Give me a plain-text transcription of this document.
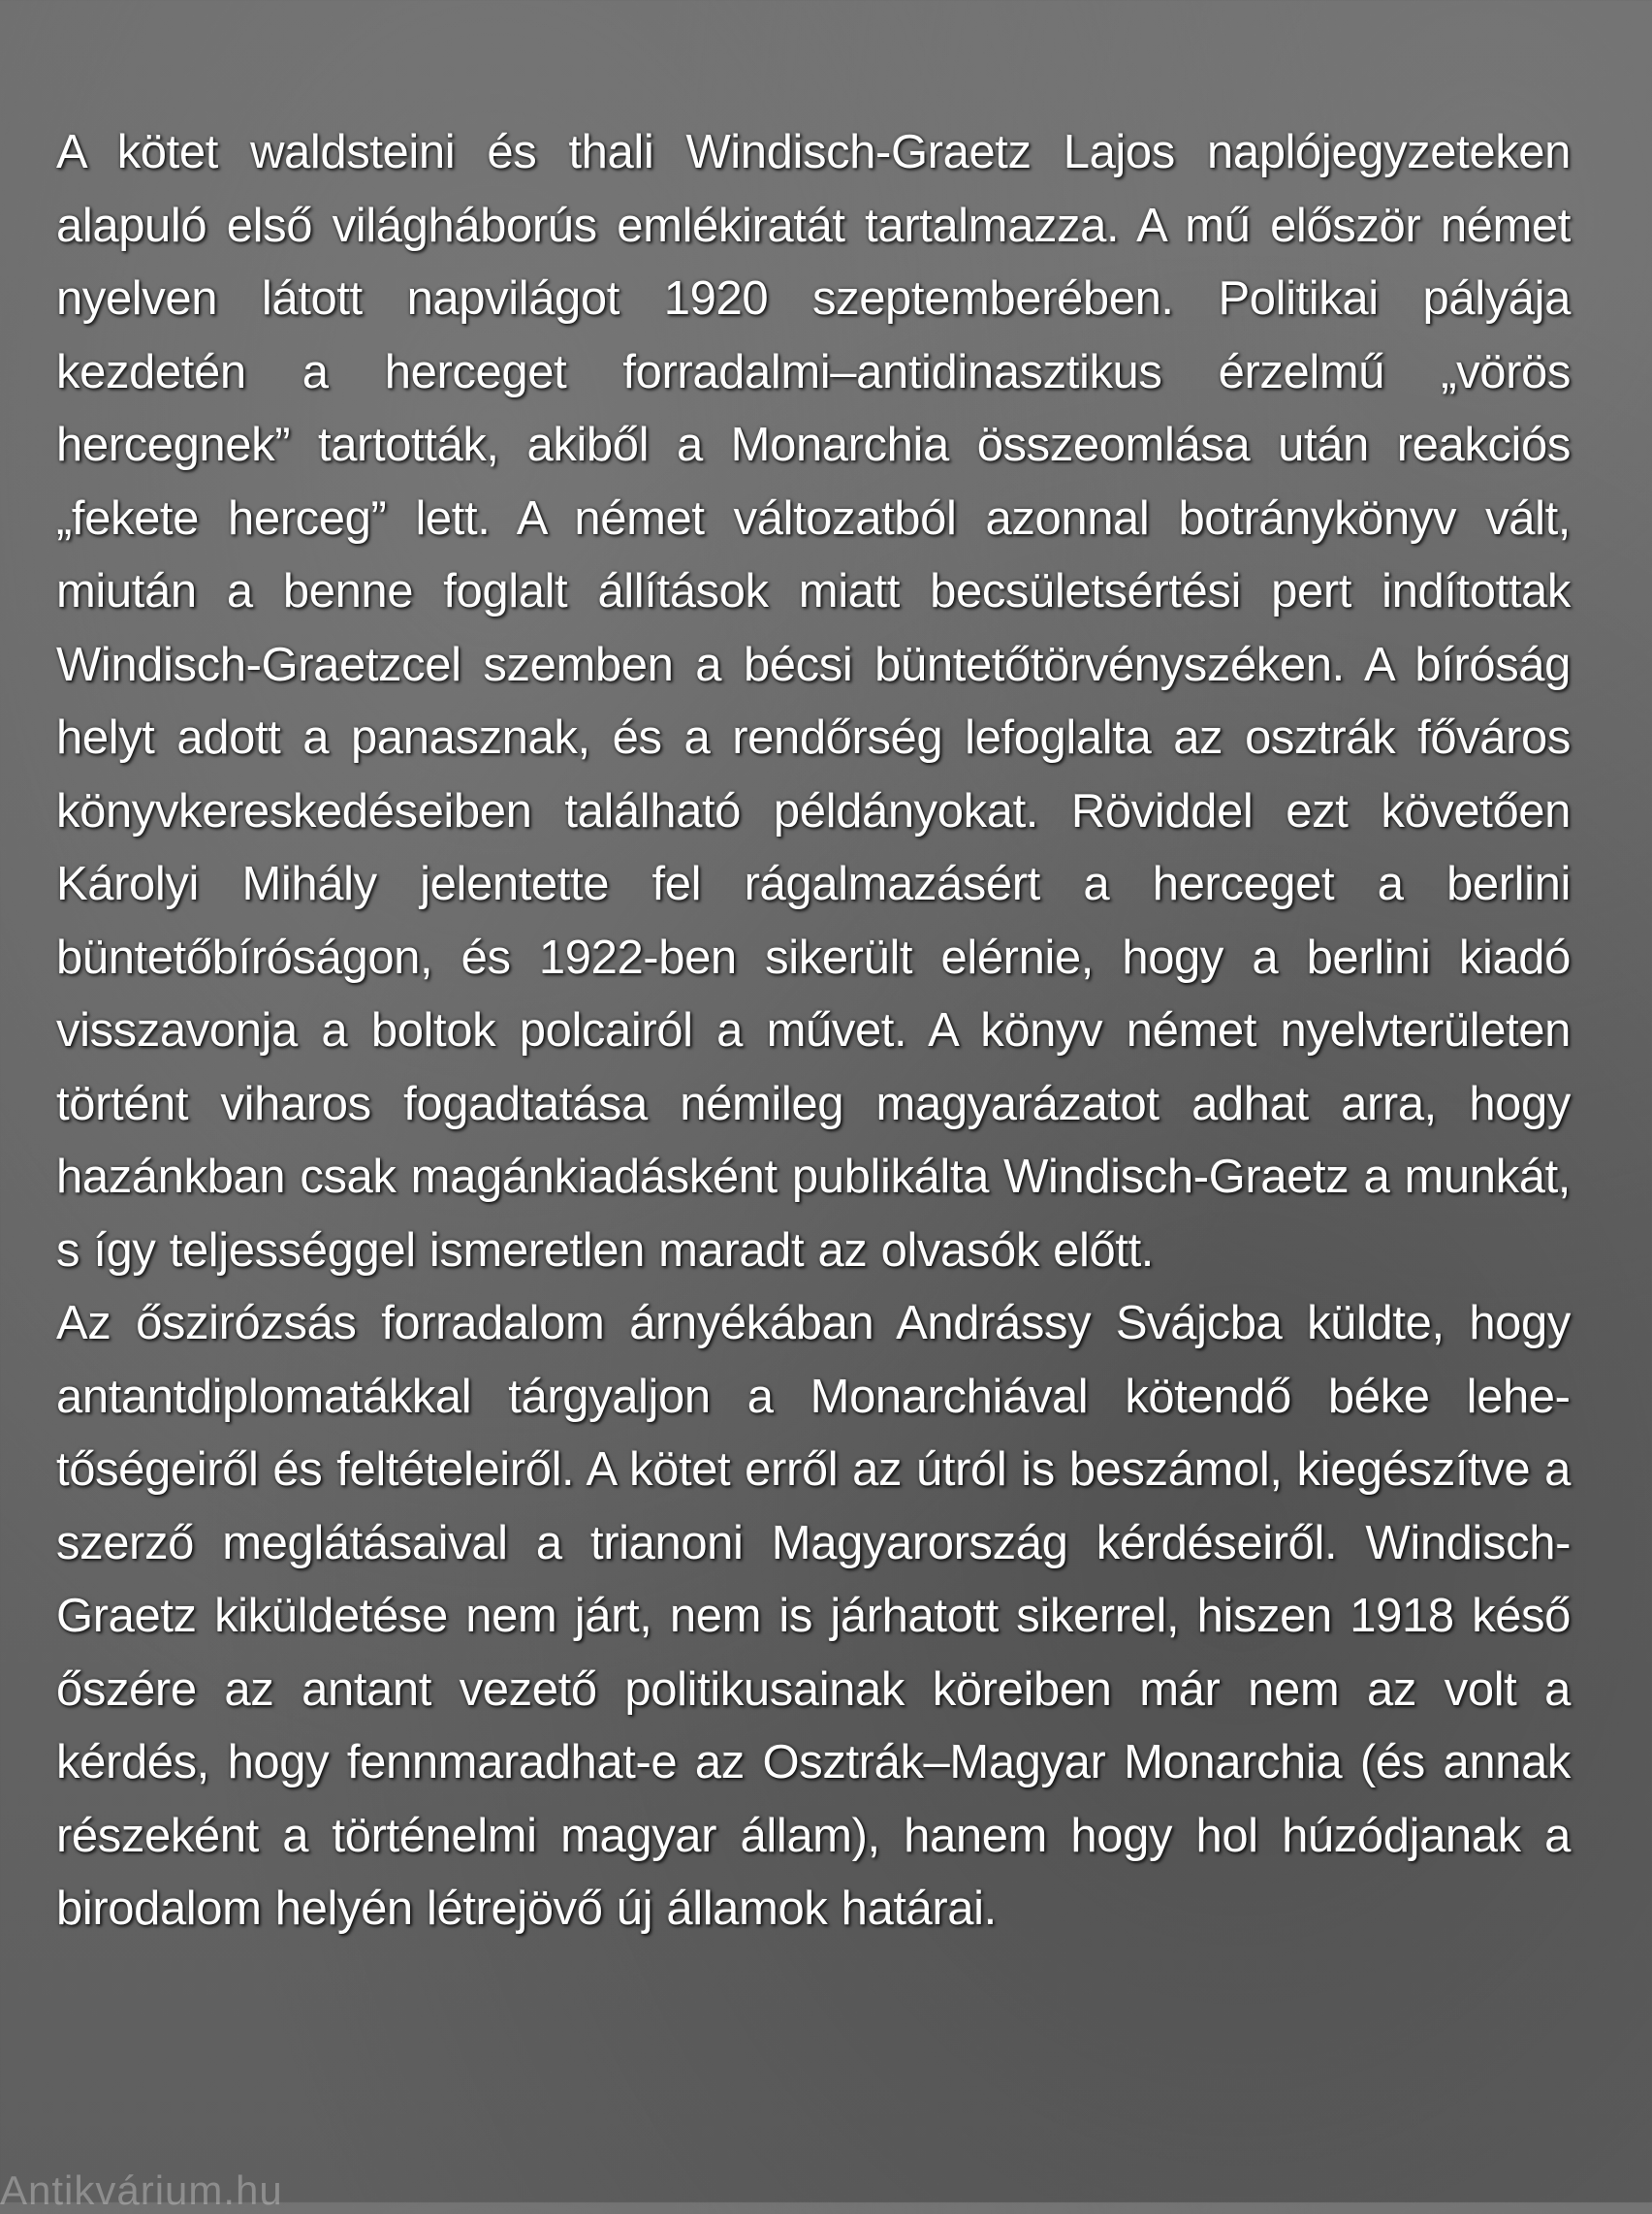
A kötet waldsteini és thali Windisch-Graetz Lajos naplójegyzeteken alapuló első világháborús emlékiratát tartalmazza. A mű először német nyelven látott napvilágot 1920 szeptemberében. Politikai pályája kezdetén a herceget forradalmi–antidinasztikus érzelmű „vörös hercegnek” tartották, akiből a Monarchia összeomlása után reakciós „fekete herceg” lett. A német változatból azonnal botránykönyv vált, miután a benne foglalt állítások miatt becsületsértési pert indítottak Windisch-Graetzcel szemben a bécsi büntetőtörvényszéken. A bíróság helyt adott a panasznak, és a rendőrség lefoglalta az osztrák főváros könyvkereskedéseiben található példányokat. Röviddel ezt követően Károlyi Mihály jelentette fel rágalmazásért a herceget a berlini büntetőbíróságon, és 1922-ben sikerült elérnie, hogy a berlini kiadó visszavonja a boltok polcairól a művet. A könyv német nyelvterületen történt viharos fogadtatása némileg magyarázatot adhat arra, hogy hazánkban csak magánkiadásként publikálta Windisch-Graetz a munkát, s így teljességgel ismeretlen maradt az olvasók előtt.

Az őszirózsás forradalom árnyékában Andrássy Svájcba küldte, hogy antantdiplomatákkal tárgyaljon a Monarchiával kötendő béke lehetőségeiről és feltételeiről. A kötet erről az útról is beszámol, kiegészítve a szerző meglátásaival a trianoni Magyarország kérdéseiről. Windisch-Graetz kiküldetése nem járt, nem is járhatott sikerrel, hiszen 1918 késő őszére az antant vezető politikusainak köreiben már nem az volt a kérdés, hogy fennmaradhat-e az Osztrák–Magyar Monarchia (és annak részeként a történelmi magyar állam), hanem hogy hol húzódjanak a birodalom helyén létrejövő új államok határai.

Antikvárium.hu
